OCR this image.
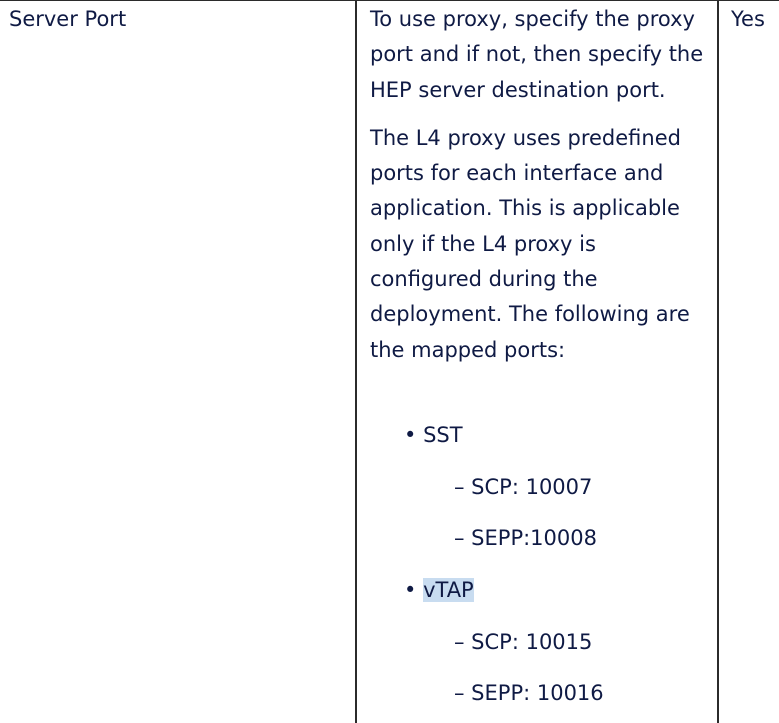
Server Port	To use proxy, specify the proxy port and if not, then specify the HEP server destination port.

The L4 proxy uses predefined ports for each interface and application. This is applicable only if the L4 proxy is configured during the deployment. The following are the mapped ports:

• SST
– SCP: 10007
– SEPP:10008
• vTAP
– SCP: 10015
– SEPP: 10016

Yes
